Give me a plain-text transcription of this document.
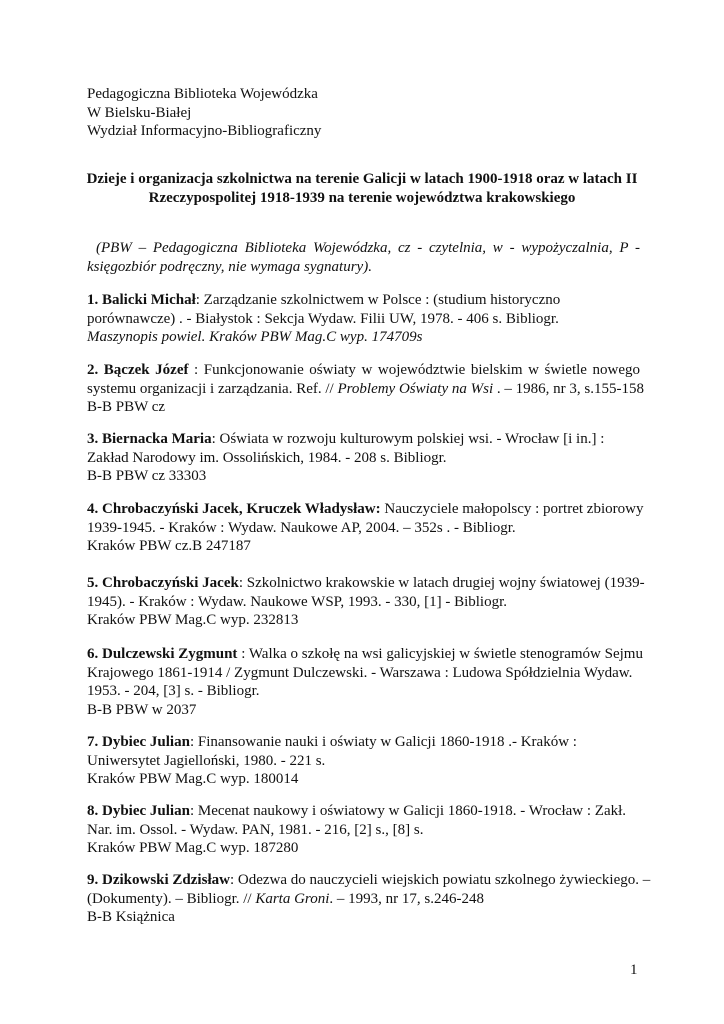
Pedagogiczna Biblioteka Wojewódzka
W Bielsku-Białej
Wydział Informacyjno-Bibliograficzny
Dzieje i organizacja szkolnictwa na terenie Galicji w latach 1900-1918 oraz w latach II
Rzeczypospolitej 1918-1939 na terenie województwa krakowskiego
(PBW – Pedagogiczna Biblioteka Wojewódzka, cz - czytelnia, w - wypożyczalnia, P - księgozbiór podręczny, nie wymaga sygnatury).
1. Balicki Michał: Zarządzanie szkolnictwem w Polsce : (studium historyczno
porównawcze) . - Białystok : Sekcja Wydaw. Filii UW, 1978. - 406 s. Bibliogr.
Maszynopis powiel. Kraków PBW Mag.C wyp. 174709s
2. Bączek Józef : Funkcjonowanie oświaty w województwie bielskim w świetle nowego
systemu organizacji i zarządzania. Ref. // Problemy Oświaty na Wsi . – 1986, nr 3, s.155-158
B-B PBW cz
3. Biernacka Maria: Oświata w rozwoju kulturowym polskiej wsi. - Wrocław [i in.] :
Zakład Narodowy im. Ossolińskich, 1984. - 208 s. Bibliogr.
B-B PBW cz 33303
4. Chrobaczyński Jacek, Kruczek Władysław: Nauczyciele małopolscy : portret zbiorowy
1939-1945. - Kraków : Wydaw. Naukowe AP, 2004. – 352s . - Bibliogr.
Kraków PBW cz.B 247187
5. Chrobaczyński Jacek: Szkolnictwo krakowskie w latach drugiej wojny światowej (1939-
1945). - Kraków : Wydaw. Naukowe WSP, 1993. - 330, [1] - Bibliogr.
Kraków PBW Mag.C wyp. 232813
6. Dulczewski Zygmunt : Walka o szkołę na wsi galicyjskiej w świetle stenogramów Sejmu
Krajowego 1861-1914 / Zygmunt Dulczewski. - Warszawa : Ludowa Spółdzielnia Wydaw.
1953. - 204, [3] s. - Bibliogr.
B-B PBW w 2037
7. Dybiec Julian: Finansowanie nauki i oświaty w Galicji 1860-1918 .- Kraków :
Uniwersytet Jagielloński, 1980. - 221 s.
Kraków PBW Mag.C wyp. 180014
8. Dybiec Julian: Mecenat naukowy i oświatowy w Galicji 1860-1918. - Wrocław : Zakł.
Nar. im. Ossol. - Wydaw. PAN, 1981. - 216, [2] s., [8] s.
Kraków PBW Mag.C wyp. 187280
9. Dzikowski Zdzisław: Odezwa do nauczycieli wiejskich powiatu szkolnego żywieckiego. –
(Dokumenty). – Bibliogr. // Karta Groni. – 1993, nr 17, s.246-248
B-B Książnica
1
